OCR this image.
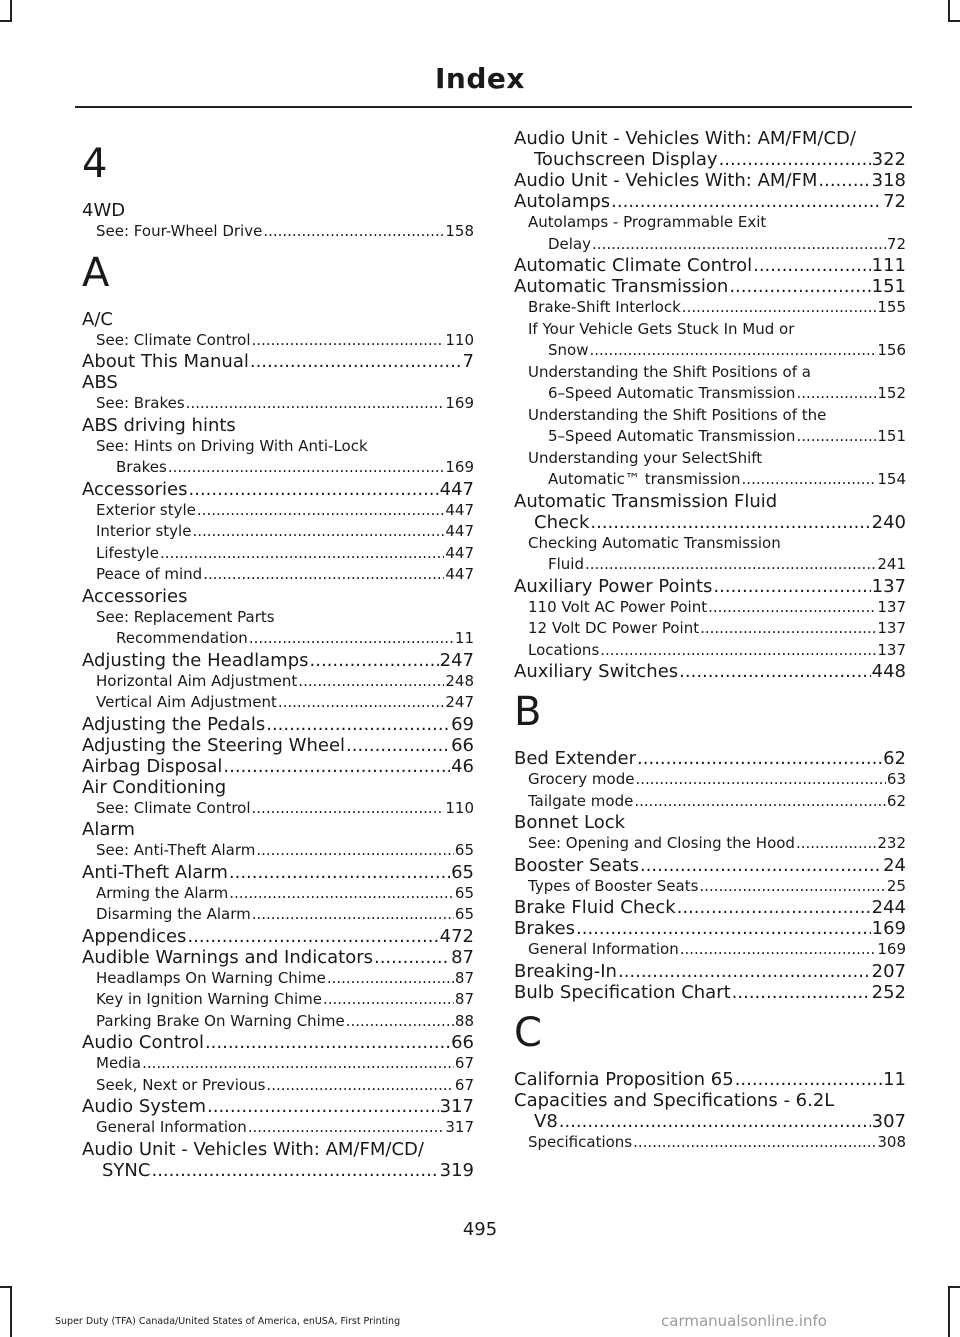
Index
4
4WD
See: Four-Wheel Drive .....	158
A
A/C
See: Climate Control .....	110
About This Manual .....	7
ABS
See: Brakes .....	169
ABS driving hints
See: Hints on Driving With Anti-Lock
Brakes .....	169
Accessories .....	447
Exterior style .....	447
Interior style .....	447
Lifestyle .....	447
Peace of mind .....	447
Accessories
See: Replacement Parts
Recommendation .....	11
Adjusting the Headlamps .....	247
Horizontal Aim Adjustment .....	248
Vertical Aim Adjustment .....	247
Adjusting the Pedals .....	69
Adjusting the Steering Wheel .....	66
Airbag Disposal .....	46
Air Conditioning
See: Climate Control .....	110
Alarm
See: Anti-Theft Alarm .....	65
Anti-Theft Alarm .....	65
Arming the Alarm .....	65
Disarming the Alarm .....	65
Appendices .....	472
Audible Warnings and Indicators .....	87
Headlamps On Warning Chime .....	87
Key in Ignition Warning Chime .....	87
Parking Brake On Warning Chime .....	88
Audio Control .....	66
Media .....	67
Seek, Next or Previous .....	67
Audio System .....	317
General Information .....	317
Audio Unit - Vehicles With: AM/FM/CD/
SYNC .....	319
Audio Unit - Vehicles With: AM/FM/CD/
Touchscreen Display .....	322
Audio Unit - Vehicles With: AM/FM .....	318
Autolamps .....	72
Autolamps - Programmable Exit
Delay .....	72
Automatic Climate Control .....	111
Automatic Transmission .....	151
Brake-Shift Interlock .....	155
If Your Vehicle Gets Stuck In Mud or
Snow .....	156
Understanding the Shift Positions of a
6–Speed Automatic Transmission .....	152
Understanding the Shift Positions of the
5–Speed Automatic Transmission .....	151
Understanding your SelectShift
Automatic™ transmission .....	154
Automatic Transmission Fluid
Check .....	240
Checking Automatic Transmission
Fluid .....	241
Auxiliary Power Points .....	137
110 Volt AC Power Point .....	137
12 Volt DC Power Point .....	137
Locations .....	137
Auxiliary Switches .....	448
B
Bed Extender .....	62
Grocery mode .....	63
Tailgate mode .....	62
Bonnet Lock
See: Opening and Closing the Hood .....	232
Booster Seats .....	24
Types of Booster Seats .....	25
Brake Fluid Check .....	244
Brakes .....	169
General Information .....	169
Breaking-In .....	207
Bulb Specification Chart .....	252
C
California Proposition 65 .....	11
Capacities and Specifications - 6.2L
V8 .....	307
Specifications .....	308
495
Super Duty (TFA) Canada/United States of America, enUSA, First Printing	carmanualsonline.info
